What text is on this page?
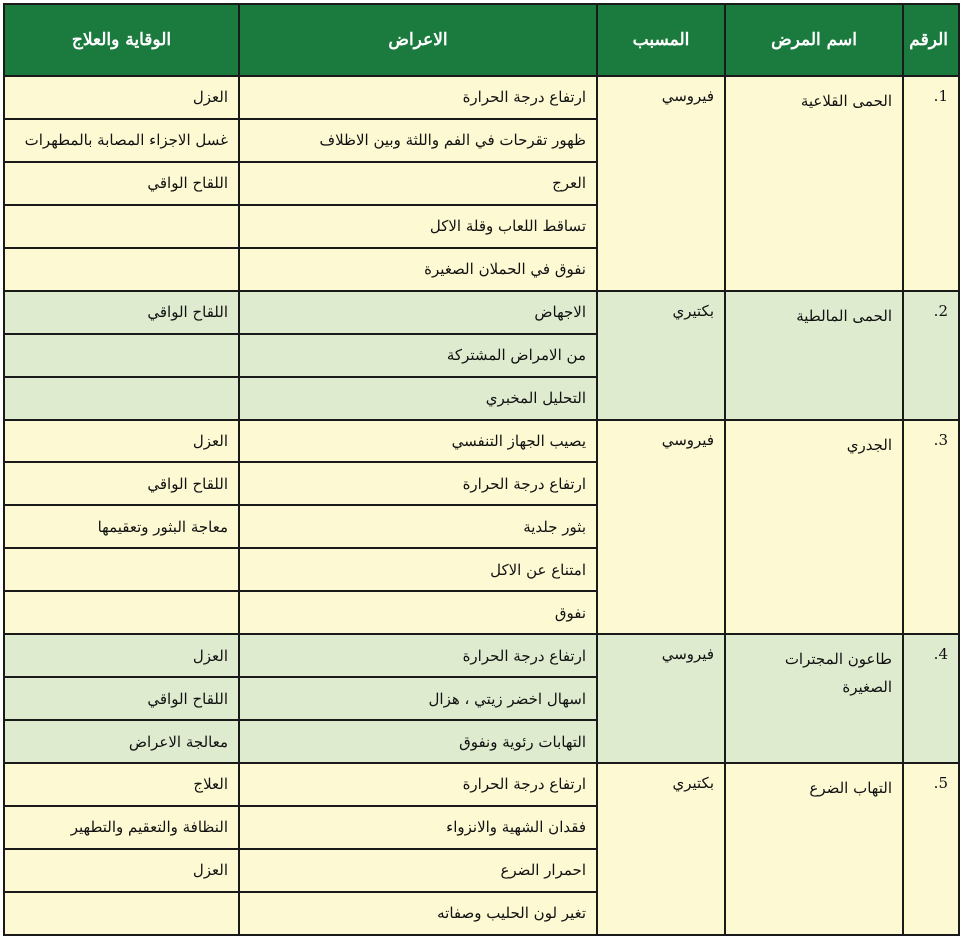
الرقم	اسم المرض	المسبب	الاعراض	الوقاية والعلاج
1.	الحمى القلاعية	فيروسي	ارتفاع درجة الحرارة	العزل
			ظهور تقرحات في الفم واللثة وبين الاظلاف	غسل الاجزاء المصابة بالمطهرات
			العرج	اللقاح الواقي
			تساقط اللعاب وقلة الاكل	
			نفوق في الحملان الصغيرة	
2.	الحمى المالطية	بكتيري	الاجهاض	اللقاح الواقي
			من الامراض المشتركة	
			التحليل المخبري	
3.	الجدري	فيروسي	يصيب الجهاز التنفسي	العزل
			ارتفاع درجة الحرارة	اللقاح الواقي
			بثور جلدية	معاجة البثور وتعقيمها
			امتناع عن الاكل	
			نفوق	
4.	طاعون المجترات الصغيرة	فيروسي	ارتفاع درجة الحرارة	العزل
			اسهال اخضر زيتي ، هزال	اللقاح الواقي
			التهابات رئوية ونفوق	معالجة الاعراض
5.	التهاب الضرع	بكتيري	ارتفاع درجة الحرارة	العلاج
			فقدان الشهية والانزواء	النظافة والتعقيم والتطهير
			احمرار الضرع	العزل
			تغير لون الحليب وصفاته	
